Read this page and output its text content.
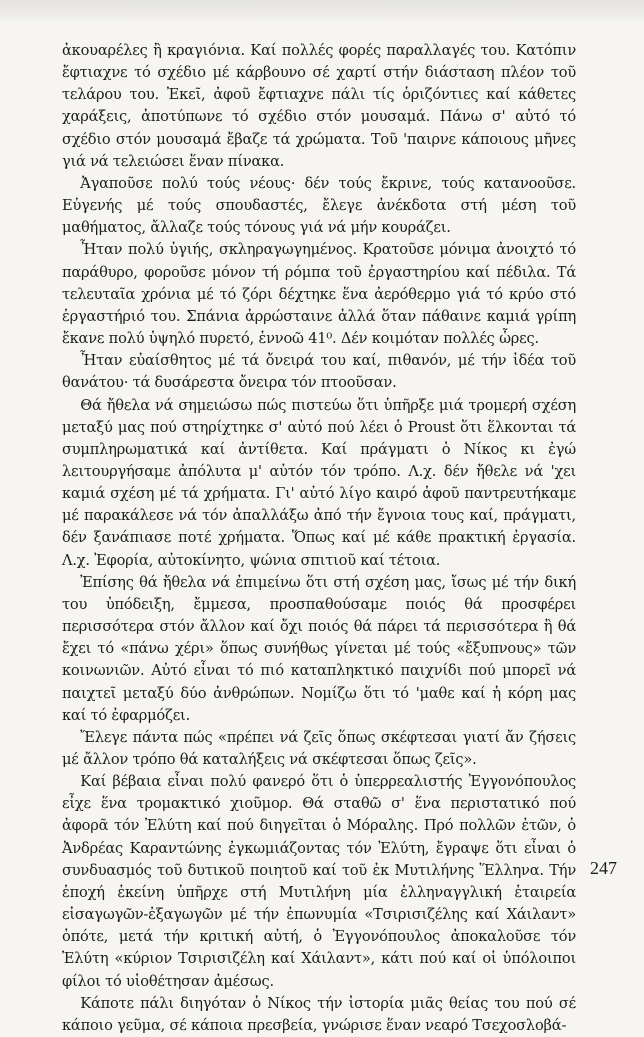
ἀκουαρέλες ἢ κραγιόνια. Καί πολλές φορές παραλλαγές του. Κατόπιν ἔφτιαχνε τό σχέδιο μέ κάρβουνο σέ χαρτί στήν διάσταση πλέον τοῦ τελάρου του. Ἐκεῖ, ἀφοῦ ἔφτιαχνε πάλι τίς ὁριζόντιες καί κάθετες χαράξεις, ἀποτύπωνε τό σχέδιο στόν μουσαμά. Πάνω σ' αὐτό τό σχέδιο στόν μουσαμά ἔβαζε τά χρώματα. Τοῦ 'παιρνε κάποιους μῆνες γιά νά τελειώσει ἕναν πίνακα.

Ἀγαποῦσε πολύ τούς νέους· δέν τούς ἔκρινε, τούς κατανοοῦσε. Εὐγενής μέ τούς σπουδαστές, ἔλεγε ἀνέκδοτα στή μέση τοῦ μαθήματος, ἄλλαζε τούς τόνους γιά νά μήν κουράζει.

Ἦταν πολύ ὑγιής, σκληραγωγημένος. Κρατοῦσε μόνιμα ἀνοιχτό τό παράθυρο, φοροῦσε μόνον τή ρόμπα τοῦ ἐργαστηρίου καί πέδιλα. Τά τελευταῖα χρόνια μέ τό ζόρι δέχτηκε ἕνα ἀερόθερμο γιά τό κρύο στό ἐργαστήριό του. Σπάνια ἀρρώσταινε ἀλλά ὅταν πάθαινε καμιά γρίπη ἔκανε πολύ ὑψηλό πυρετό, ἐννοῶ 41⁰. Δέν κοιμόταν πολλές ὧρες.

Ἦταν εὐαίσθητος μέ τά ὄνειρά του καί, πιθανόν, μέ τήν ἰδέα τοῦ θανάτου· τά δυσάρεστα ὄνειρα τόν πτοοῦσαν.

Θά ἤθελα νά σημειώσω πώς πιστεύω ὅτι ὑπῆρξε μιά τρομερή σχέση μεταξύ μας πού στηρίχτηκε σ' αὐτό πού λέει ὁ Proust ὅτι ἕλκονται τά συμπληρωματικά καί ἀντίθετα. Καί πράγματι ὁ Νίκος κι ἐγώ λειτουργήσαμε ἀπόλυτα μ' αὐτόν τόν τρόπο. Λ.χ. δέν ἤθελε νά 'χει καμιά σχέση μέ τά χρήματα. Γι' αὐτό λίγο καιρό ἀφοῦ παντρευτήκαμε μέ παρακάλεσε νά τόν ἀπαλλάξω ἀπό τήν ἔγνοια τους καί, πράγματι, δέν ξανάπιασε ποτέ χρήματα. Ὅπως καί μέ κάθε πρακτική ἐργασία. Λ.χ. Ἐφορία, αὐτοκίνητο, ψώνια σπιτιοῦ καί τέτοια.

Ἐπίσης θά ἤθελα νά ἐπιμείνω ὅτι στή σχέση μας, ἴσως μέ τήν δική του ὑπόδειξη, ἔμμεσα, προσπαθούσαμε ποιός θά προσφέρει περισσότερα στόν ἄλλον καί ὄχι ποιός θά πάρει τά περισσότερα ἢ θά ἔχει τό «πάνω χέρι» ὅπως συνήθως γίνεται μέ τούς «ἔξυπνους» τῶν κοινωνιῶν. Αὐτό εἶναι τό πιό καταπληκτικό παιχνίδι πού μπορεῖ νά παιχτεῖ μεταξύ δύο ἀνθρώπων. Νομίζω ὅτι τό 'μαθε καί ἡ κόρη μας καί τό ἐφαρμόζει.

Ἔλεγε πάντα πώς «πρέπει νά ζεῖς ὅπως σκέφτεσαι γιατί ἄν ζήσεις μέ ἄλλον τρόπο θά καταλήξεις νά σκέφτεσαι ὅπως ζεῖς».

Καί βέβαια εἶναι πολύ φανερό ὅτι ὁ ὑπερρεαλιστής Ἐγγονόπουλος εἶχε ἕνα τρομακτικό χιοῦμορ. Θά σταθῶ σ' ἕνα περιστατικό πού ἀφορᾶ τόν Ἐλύτη καί πού διηγεῖται ὁ Μόραλης. Πρό πολλῶν ἐτῶν, ὁ Ἀνδρέας Καραντώνης ἐγκωμιάζοντας τόν Ἐλύτη, ἔγραψε ὅτι εἶναι ὁ συνδυασμός τοῦ δυτικοῦ ποιητοῦ καί τοῦ ἐκ Μυτιλήνης Ἕλληνα. Τήν ἐποχή ἐκείνη ὑπῆρχε στή Μυτιλήνη μία ἑλληναγγλική ἑταιρεία εἰσαγωγῶν-ἐξαγωγῶν μέ τήν ἐπωνυμία «Τσιρισιζέλης καί Χάιλαντ» ὁπότε, μετά τήν κριτική αὐτή, ὁ Ἐγγονόπουλος ἀποκαλοῦσε τόν Ἐλύτη «κύριον Τσιρισιζέλη καί Χάιλαντ», κάτι πού καί οἱ ὑπόλοιποι φίλοι τό υἱοθέτησαν ἀμέσως.

Κάποτε πάλι διηγόταν ὁ Νίκος τήν ἱστορία μιᾶς θείας του πού σέ κάποιο γεῦμα, σέ κάποια πρεσβεία, γνώρισε ἕναν νεαρό Τσεχοσλοβά-

247
